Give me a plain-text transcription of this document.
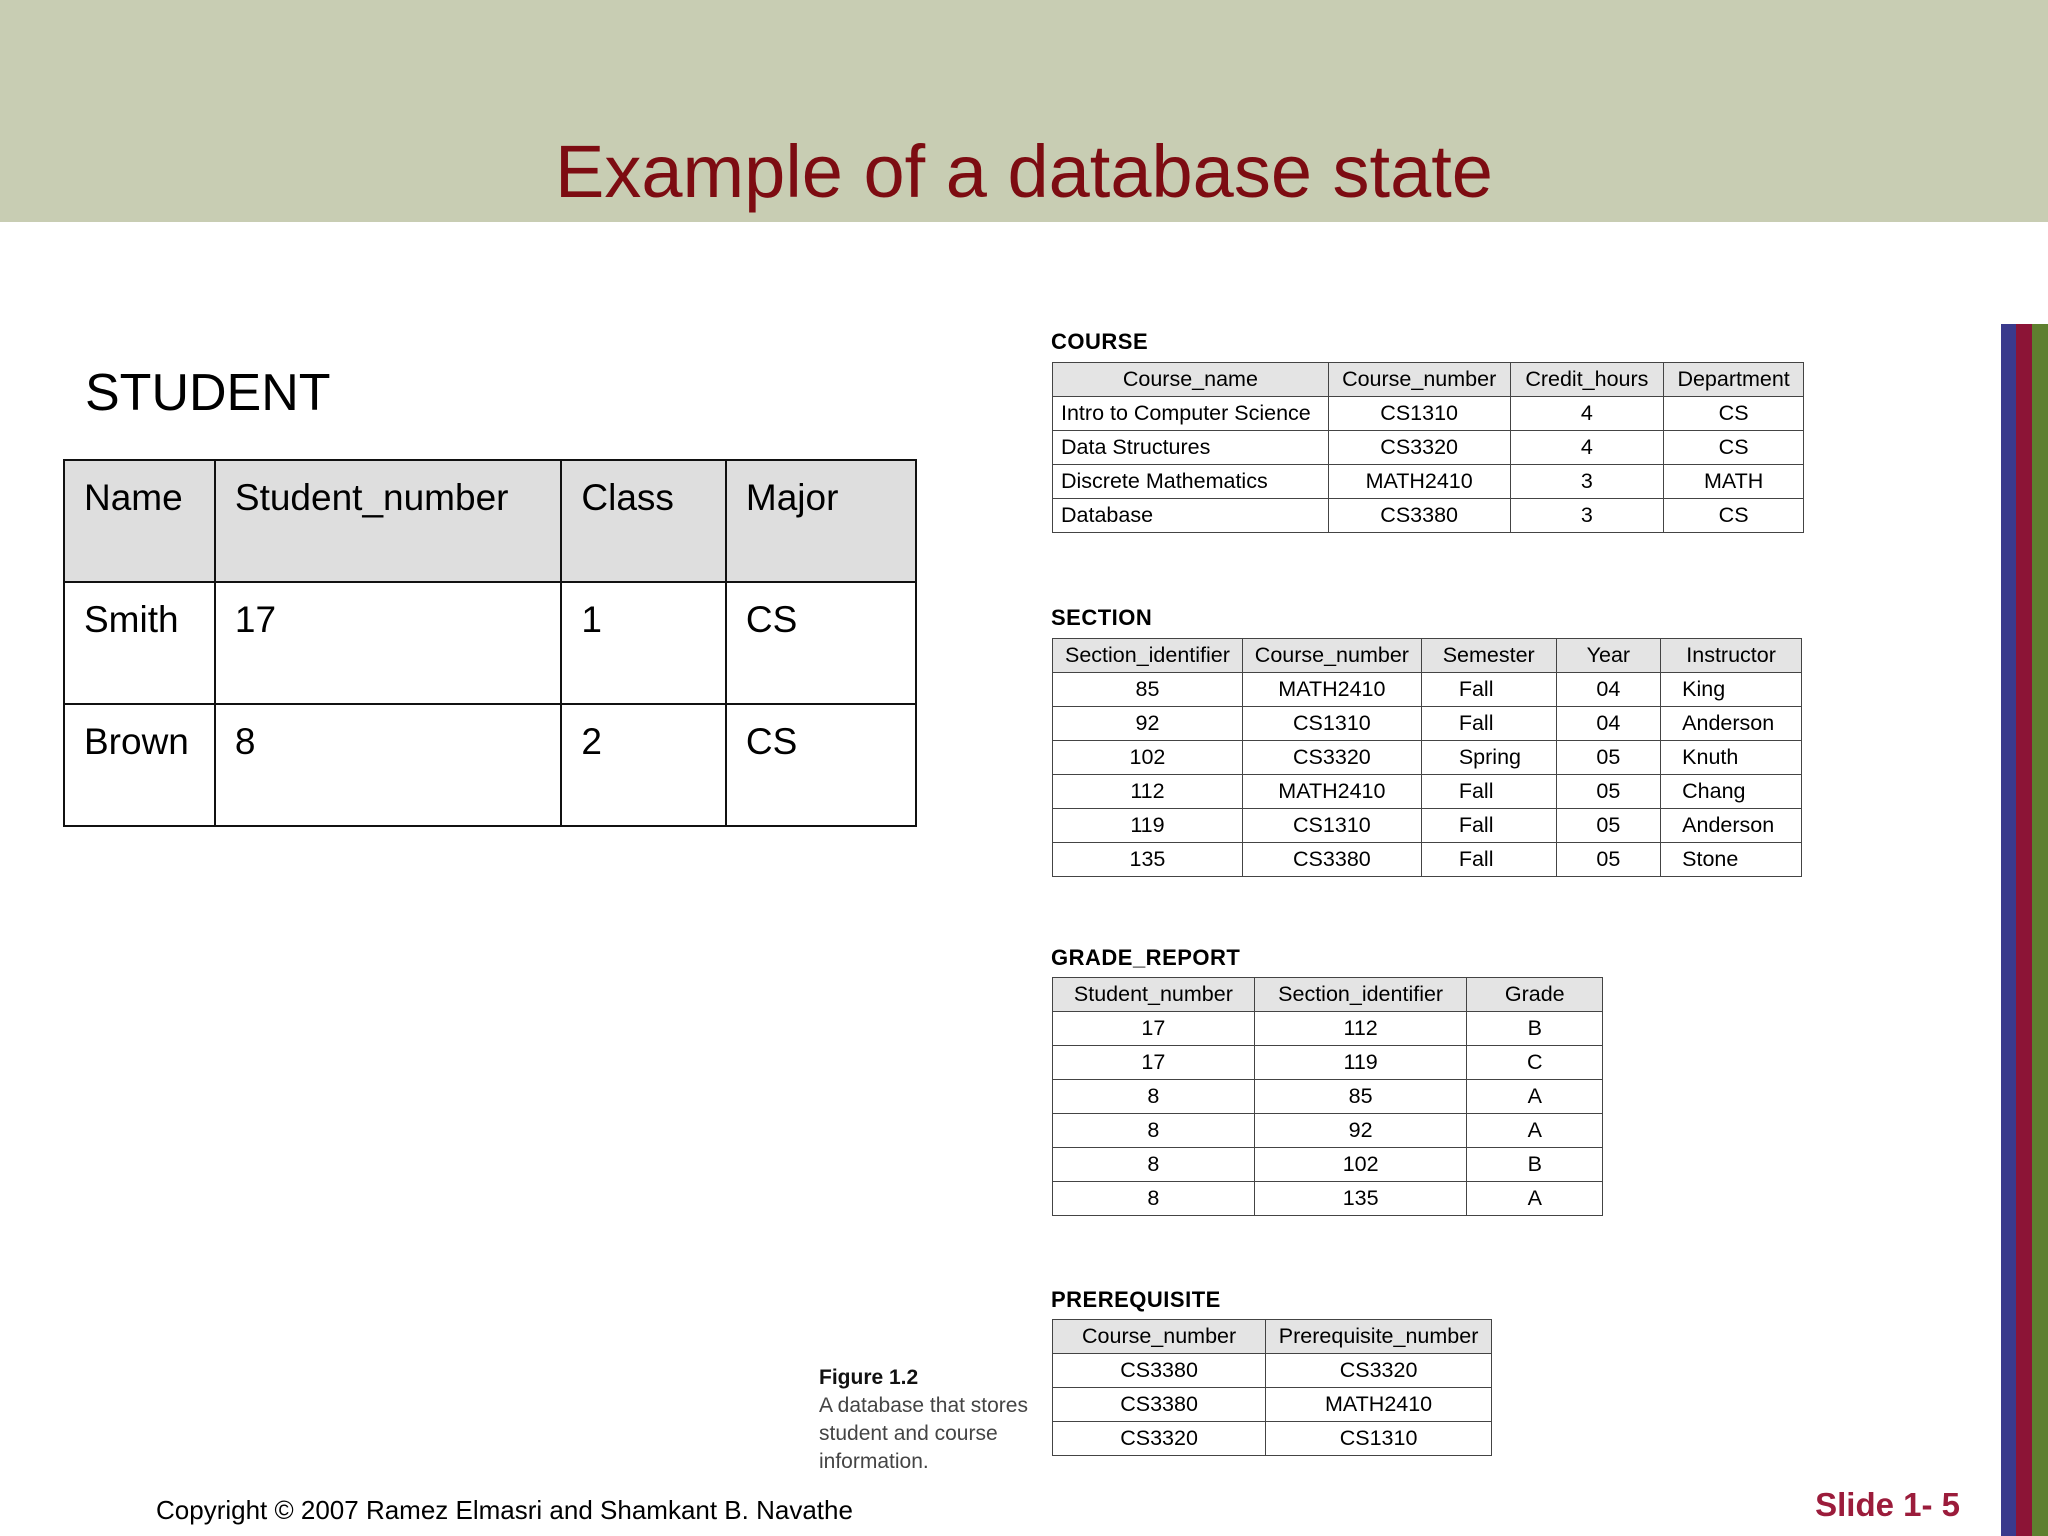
Example of a database state
STUDENT
Name	Student_number	Class	Major
Smith	17	1	CS
Brown	8	2	CS
COURSE
Course_name	Course_number	Credit_hours	Department
Intro to Computer Science	CS1310	4	CS
Data Structures	CS3320	4	CS
Discrete Mathematics	MATH2410	3	MATH
Database	CS3380	3	CS
SECTION
Section_identifier	Course_number	Semester	Year	Instructor
85	MATH2410	Fall	04	King
92	CS1310	Fall	04	Anderson
102	CS3320	Spring	05	Knuth
112	MATH2410	Fall	05	Chang
119	CS1310	Fall	05	Anderson
135	CS3380	Fall	05	Stone
GRADE_REPORT
Student_number	Section_identifier	Grade
17	112	B
17	119	C
8	85	A
8	92	A
8	102	B
8	135	A
PREREQUISITE
Course_number	Prerequisite_number
CS3380	CS3320
CS3380	MATH2410
CS3320	CS1310
Figure 1.2
A database that stores student and course information.
Copyright © 2007 Ramez Elmasri and Shamkant B. Navathe	Slide 1- 5
